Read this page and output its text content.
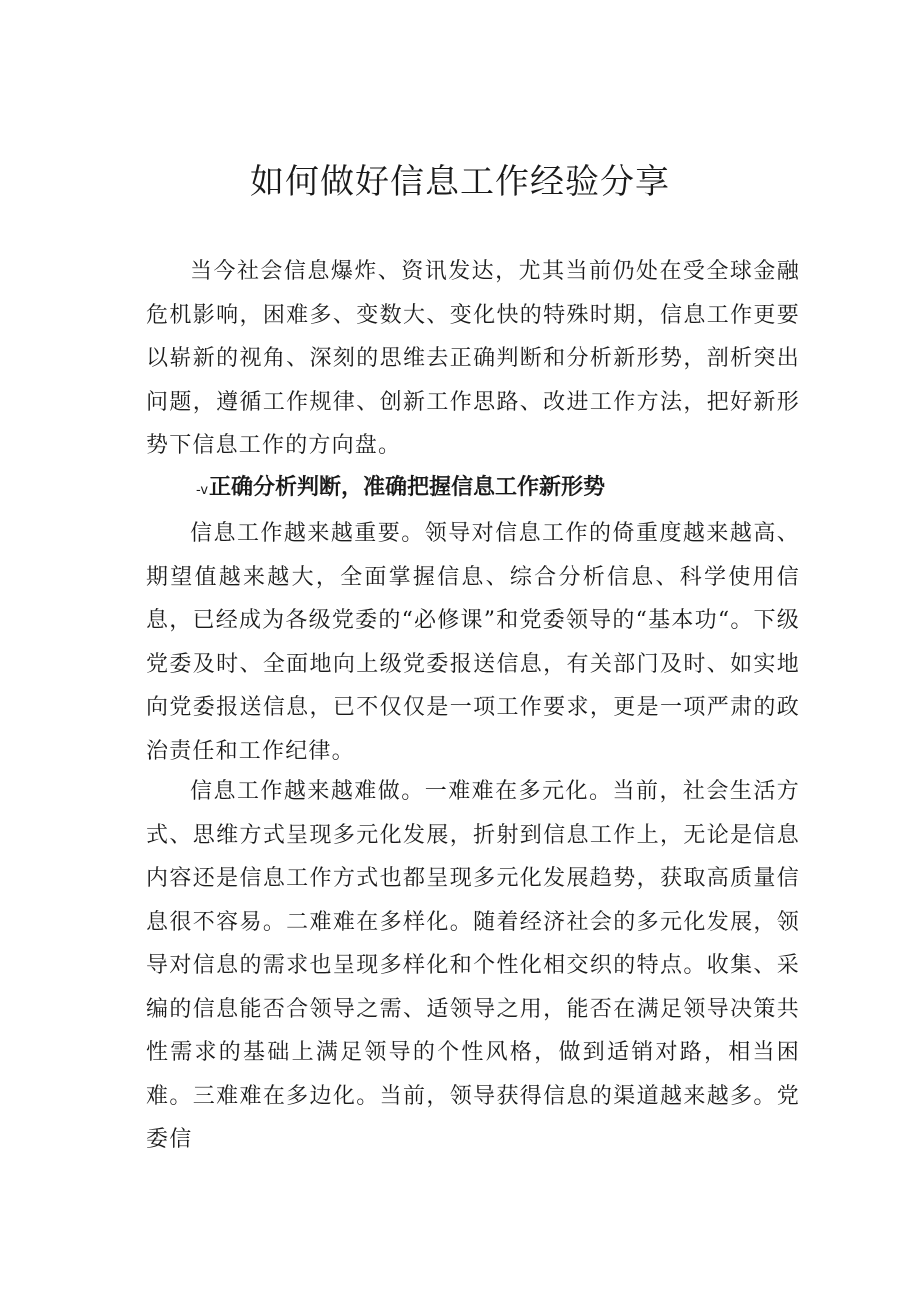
如何做好信息工作经验分享

当今社会信息爆炸、资讯发达，尤其当前仍处在受全球金融危机影响，困难多、变数大、变化快的特殊时期，信息工作更要以崭新的视角、深刻的思维去正确判断和分析新形势，剖析突出问题，遵循工作规律、创新工作思路、改进工作方法，把好新形势下信息工作的方向盘。

-v正确分析判断，准确把握信息工作新形势

信息工作越来越重要。领导对信息工作的倚重度越来越高、期望值越来越大，全面掌握信息、综合分析信息、科学使用信息，已经成为各级党委的“必修课”和党委领导的“基本功“。下级党委及时、全面地向上级党委报送信息，有关部门及时、如实地向党委报送信息，已不仅仅是一项工作要求，更是一项严肃的政治责任和工作纪律。

信息工作越来越难做。一难难在多元化。当前，社会生活方式、思维方式呈现多元化发展，折射到信息工作上，无论是信息内容还是信息工作方式也都呈现多元化发展趋势，获取高质量信息很不容易。二难难在多样化。随着经济社会的多元化发展，领导对信息的需求也呈现多样化和个性化相交织的特点。收集、采编的信息能否合领导之需、适领导之用，能否在满足领导决策共性需求的基础上满足领导的个性风格，做到适销对路，相当困难。三难难在多边化。当前，领导获得信息的渠道越来越多。党委信
